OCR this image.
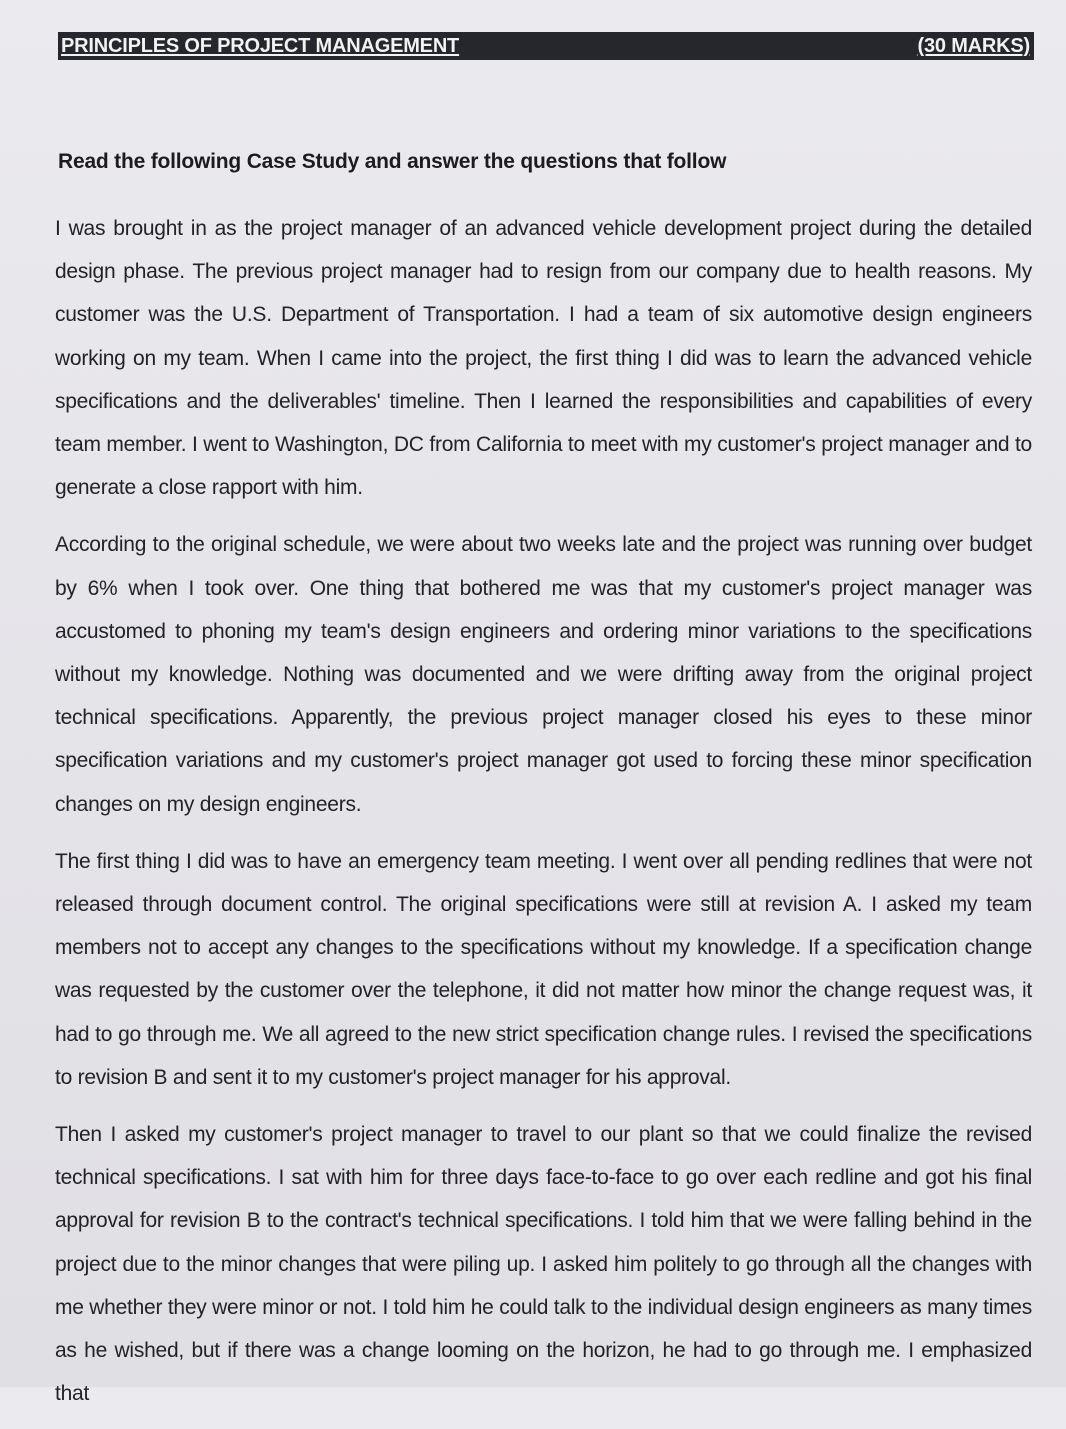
PRINCIPLES OF PROJECT MANAGEMENT	(30 MARKS)
Read the following Case Study and answer the questions that follow

I was brought in as the project manager of an advanced vehicle development project during the detailed design phase. The previous project manager had to resign from our company due to health reasons. My customer was the U.S. Department of Transportation. I had a team of six automotive design engineers working on my team. When I came into the project, the first thing I did was to learn the advanced vehicle specifications and the deliverables' timeline. Then I learned the responsibilities and capabilities of every team member. I went to Washington, DC from California to meet with my customer's project manager and to generate a close rapport with him.

According to the original schedule, we were about two weeks late and the project was running over budget by 6% when I took over. One thing that bothered me was that my customer's project manager was accustomed to phoning my team's design engineers and ordering minor variations to the specifications without my knowledge. Nothing was documented and we were drifting away from the original project technical specifications. Apparently, the previous project manager closed his eyes to these minor specification variations and my customer's project manager got used to forcing these minor specification changes on my design engineers.

The first thing I did was to have an emergency team meeting. I went over all pending redlines that were not released through document control. The original specifications were still at revision A. I asked my team members not to accept any changes to the specifications without my knowledge. If a specification change was requested by the customer over the telephone, it did not matter how minor the change request was, it had to go through me. We all agreed to the new strict specification change rules. I revised the specifications to revision B and sent it to my customer's project manager for his approval.

Then I asked my customer's project manager to travel to our plant so that we could finalize the revised technical specifications. I sat with him for three days face-to-face to go over each redline and got his final approval for revision B to the contract's technical specifications. I told him that we were falling behind in the project due to the minor changes that were piling up. I asked him politely to go through all the changes with me whether they were minor or not. I told him he could talk to the individual design engineers as many times as he wished, but if there was a change looming on the horizon, he had to go through me. I emphasized that
